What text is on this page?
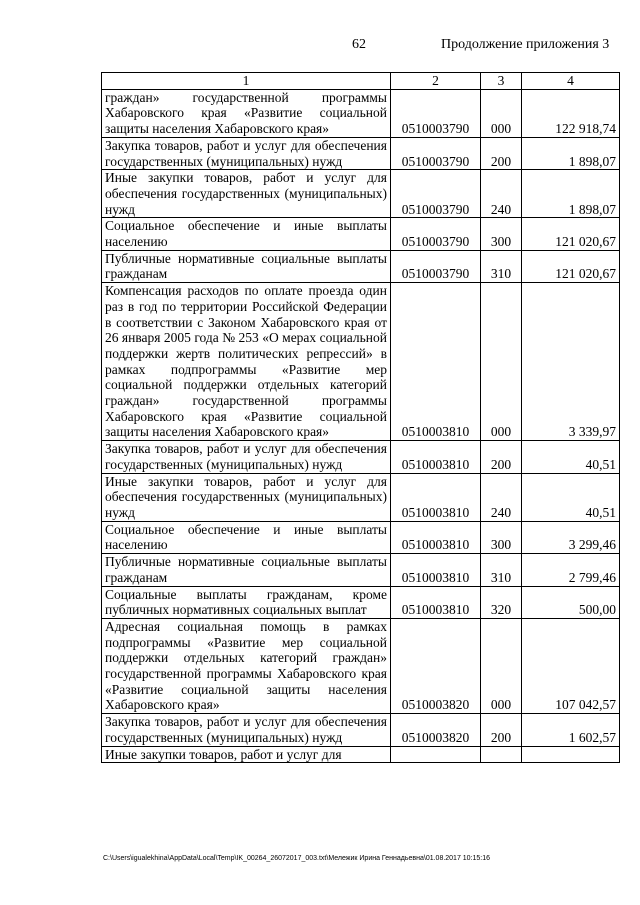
62	Продолжение приложения 3
1	2	3	4
граждан» государственной программы Хабаровского края «Развитие социальной защиты населения Хабаровского края»	0510003790	000	122 918,74
Закупка товаров, работ и услуг для обеспечения государственных (муниципальных) нужд	0510003790	200	1 898,07
Иные закупки товаров, работ и услуг для обеспечения государственных (муниципальных) нужд	0510003790	240	1 898,07
Социальное обеспечение и иные выплаты населению	0510003790	300	121 020,67
Публичные нормативные социальные выплаты гражданам	0510003790	310	121 020,67
Компенсация расходов по оплате проезда один раз в год по территории Российской Федерации в соответствии с Законом Хабаровского края от 26 января 2005 года № 253 «О мерах социальной поддержки жертв политических репрессий» в рамках подпрограммы «Развитие мер социальной поддержки отдельных категорий граждан» государственной программы Хабаровского края «Развитие социальной защиты населения Хабаровского края»	0510003810	000	3 339,97
Закупка товаров, работ и услуг для обеспечения государственных (муниципальных) нужд	0510003810	200	40,51
Иные закупки товаров, работ и услуг для обеспечения государственных (муниципальных) нужд	0510003810	240	40,51
Социальное обеспечение и иные выплаты населению	0510003810	300	3 299,46
Публичные нормативные социальные выплаты гражданам	0510003810	310	2 799,46
Социальные выплаты гражданам, кроме публичных нормативных социальных выплат	0510003810	320	500,00
Адресная социальная помощь в рамках подпрограммы «Развитие мер социальной поддержки отдельных категорий граждан» государственной программы Хабаровского края «Развитие социальной защиты населения Хабаровского края»	0510003820	000	107 042,57
Закупка товаров, работ и услуг для обеспечения государственных (муниципальных) нужд	0510003820	200	1 602,57
Иные закупки товаров, работ и услуг для			
C:\Users\igualekhina\AppData\Local\Temp\IK_00264_26072017_003.txt\Мележик Ирина Геннадьевна\01.08.2017 10:15:16
